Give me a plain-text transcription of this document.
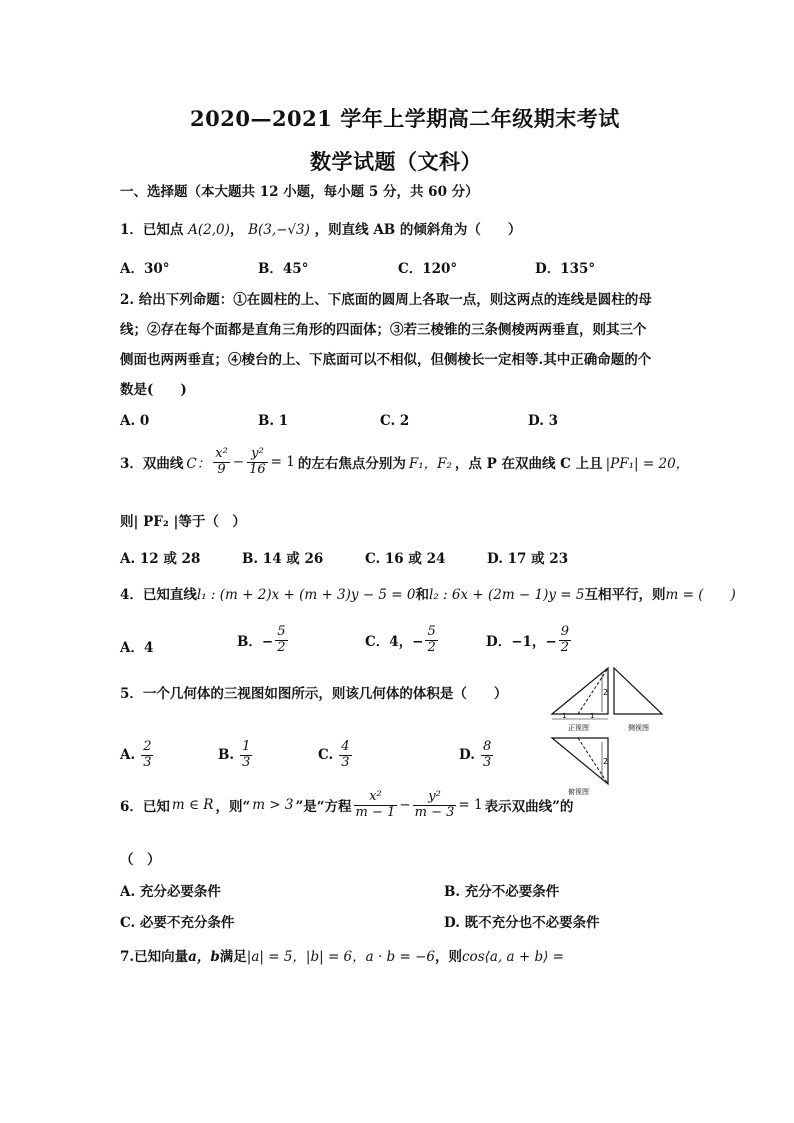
2020—2021 学年上学期高二年级期末考试
数学试题（文科）
一、选择题（本大题共 12 小题，每小题 5 分，共 60 分）
1．已知点 A(2,0)， B(3,−√3) ，则直线 AB 的倾斜角为（　　）
A．30°	B．45°	C．120°	D．135°
2. 给出下列命题：①在圆柱的上、下底面的圆周上各取一点，则这两点的连线是圆柱的母
线；②存在每个面都是直角三角形的四面体；③若三棱锥的三条侧棱两两垂直，则其三个
侧面也两两垂直；④棱台的上、下底面可以不相似，但侧棱长一定相等.其中正确命题的个
数是(　　)
A. 0	B. 1	C. 2	D. 3
3．双曲线 C： $\frac{\text{x²}}{9} - \frac{\text{y²}}{16} = 1$ 的左右焦点分别为 F₁，F₂ ，点 P 在双曲线 C 上且 |PF₁| = 20，
则| PF₂ |等于（　）
A. 12 或 28	B. 14 或 26	C. 16 或 24	D. 17 或 23
4．已知直线l₁ : (m + 2)x + (m + 3)y − 5 = 0和l₂ : 6x + (2m − 1)y = 5互相平行，则m = (　　)
A．4	B．− $\frac{5}{2}$	C．4，− $\frac{5}{2}$	D．−1，− $\frac{9}{2}$
5．一个几何体的三视图如图所示，则该几何体的体积是（　　）
A. $\frac{2}{3}$	B. $\frac{1}{3}$	C. $\frac{4}{3}$	D. $\frac{8}{3}$
2
1	1
正视图	侧视图
2
俯视图
6．已知 m ∈ R ，则“ m > 3 ”是“方程 $\frac{\text{x²}}{m - 1} - \frac{\text{y²}}{m - 3} = 1$ 表示双曲线”的
（　）
A. 充分必要条件	B. 充分不必要条件
C. 必要不充分条件	D. 既不充分也不必要条件
7.已知向量a，b满足|a| = 5，|b| = 6，a · b = −6，则cos⟨a, a + b⟩ =
